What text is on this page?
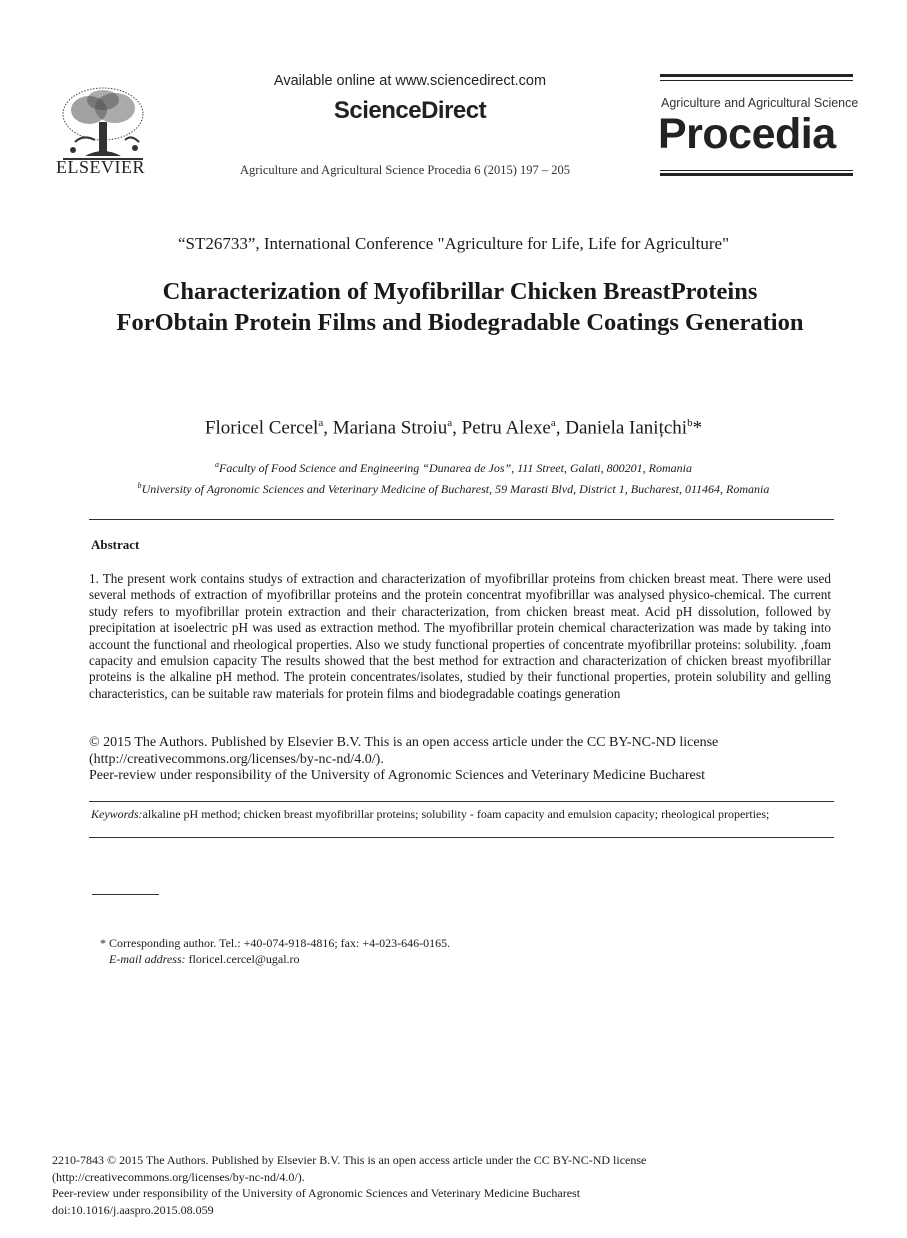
ELSEVIER
Available online at www.sciencedirect.com
ScienceDirect
Agriculture and Agricultural Science Procedia 6 (2015) 197 – 205
Agriculture and Agricultural Science
Procedia
“ST26733”, International Conference "Agriculture for Life, Life for Agriculture"
Characterization of Myofibrillar Chicken BreastProteins ForObtain Protein Films and Biodegradable Coatings Generation
Floricel Cercel$^a$, Mariana Stroiu$^a$, Petru Alexe$^a$, Daniela Ianițchi$^b$*
$^a$Faculty of Food Science and Engineering “Dunarea de Jos”, 111 Street, Galati, 800201, Romania
$^b$University of Agronomic Sciences and Veterinary Medicine of Bucharest, 59 Marasti Blvd, District 1, Bucharest, 011464, Romania
Abstract
1. The present work contains studys of extraction and characterization of myofibrillar proteins from chicken breast meat. There were used several methods of extraction of myofibrillar proteins and the protein concentrat myofibrillar was analysed physico-chemical. The current study refers to myofibrillar protein extraction and their characterization, from chicken breast meat. Acid pH dissolution, followed by precipitation at isoelectric pH was used as extraction method. The myofibrillar protein chemical characterization was made by taking into account the functional and rheological properties. Also we study functional properties of concentrate myofibrillar proteins: solubility. ,foam capacity and emulsion capacity The results showed that the best method for extraction and characterization of chicken breast myofibrillar proteins is the alkaline pH method. The protein concentrates/isolates, studied by their functional properties, protein solubility and gelling characteristics, can be suitable raw materials for protein films and biodegradable coatings generation
© 2015 The Authors. Published by Elsevier B.V. This is an open access article under the CC BY-NC-ND license
(http://creativecommons.org/licenses/by-nc-nd/4.0/).
Peer-review under responsibility of the University of Agronomic Sciences and Veterinary Medicine Bucharest
Keywords:alkaline pH method; chicken breast myofibrillar proteins; solubility - foam capacity and emulsion capacity; rheological properties;
* Corresponding author. Tel.: +40-074-918-4816; fax: +4-023-646-0165.
E-mail address: floricel.cercel@ugal.ro
2210-7843 © 2015 The Authors. Published by Elsevier B.V. This is an open access article under the CC BY-NC-ND license
(http://creativecommons.org/licenses/by-nc-nd/4.0/).
Peer-review under responsibility of the University of Agronomic Sciences and Veterinary Medicine Bucharest
doi:10.1016/j.aaspro.2015.08.059
